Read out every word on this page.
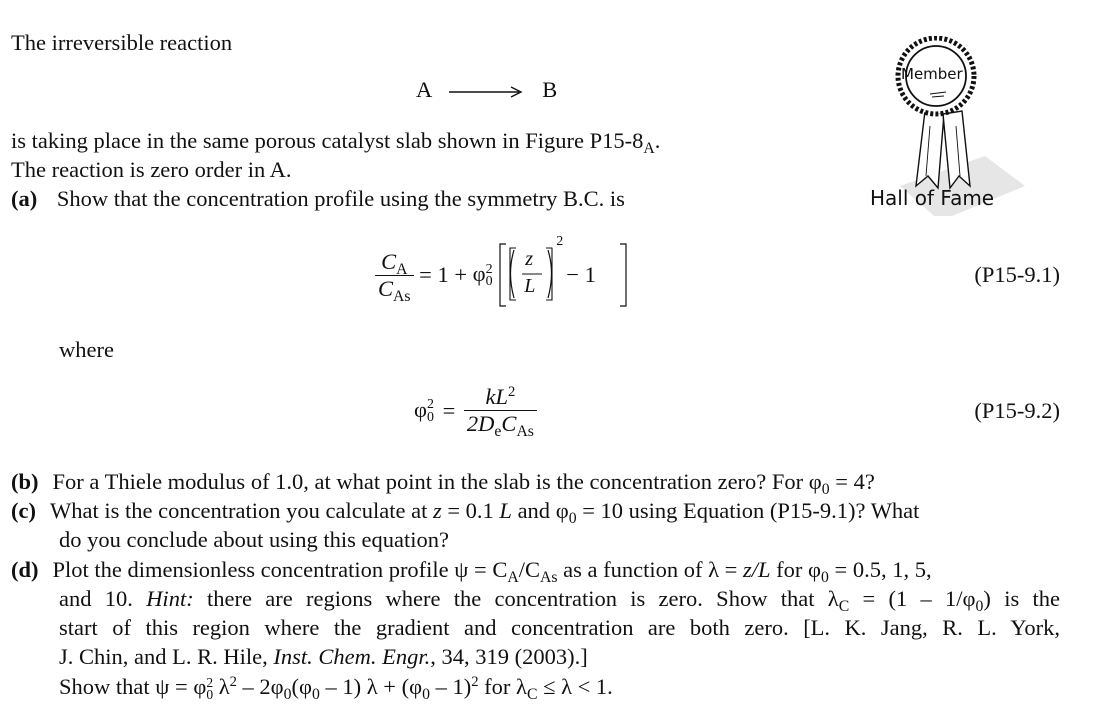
The irreversible reaction
A → B
is taking place in the same porous catalyst slab shown in Figure $P15-8_A$.
The reaction is zero order in A.
(a) Show that the concentration profile using the symmetry B.C. is
$\frac{C_A}{C_{As}} = 1 + \varphi$ 2
0

z
L
2
− 1	(P15-9.1)
where
φ 2
$0 = \frac{kL^2}{2D_eC_{As}}$	(P15-9.2)
(b) For a Thiele modulus of 1.0, at what point in the slab is the concentration zero? For $\varphi_0 = 4$?
(c) What is the concentration you calculate at z = 0.1 L and $\varphi_0 = 10$ using Equation (P15-9.1)? What
do you conclude about using this equation?
(d) Plot the dimensionless concentration profile $\psi = C_A/C_{As}$ as a function of λ = z/L for $\varphi_0 = 0.5$, 1, 5,
and 10. Hint: there are regions where the concentration is zero. Show that $\lambda_C = (1 - 1/\varphi_0)$ is the
start of this region where the gradient and concentration are both zero. [L. K. Jang, R. L. York,
J. Chin, and L. R. Hile, Inst. Chem. Engr., 34, 319 (2003).]
Show that ψ = φ 2
0 $\lambda^2 - 2\varphi_0(\varphi_0 - 1) \lambda + (\varphi_0 - 1)^2$ for $\lambda_C \le \lambda < 1$.
Member
Hall of Fame
